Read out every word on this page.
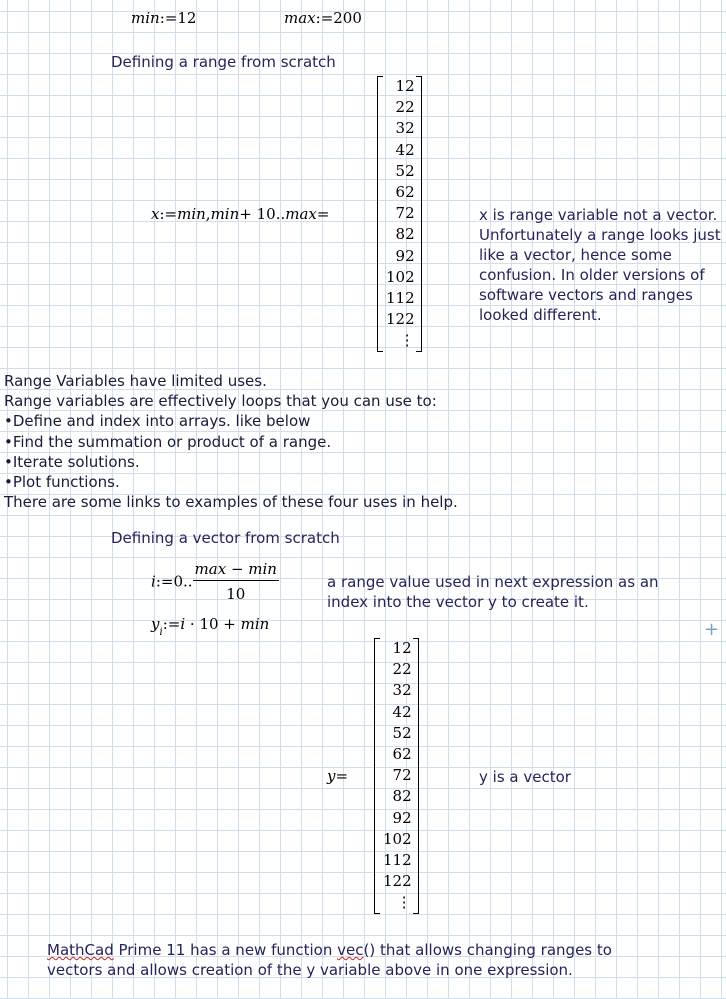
min:=12	max:=200
Defining a range from scratch
x:=min,min+ 10..max=
12
22
32
42
52
62
72
82
92
102
112
122
⋮
x is range variable not a vector.
Unfortunately a range looks just
like a vector, hence some
confusion. In older versions of
software vectors and ranges
looked different.
Range Variables have limited uses.
Range variables are effectively loops that you can use to:
•Define and index into arrays. like below
•Find the summation or product of a range.
•Iterate solutions.
•Plot functions.
There are some links to examples of these four uses in help.
Defining a vector from scratch
i:=0.. $\frac{\max - \min}{10}$	a range value used in next expression as an
index into the vector y to create it.
$y_i:=i \cdot 10 + \min$	+
y=
12
22
32
42
52
62
72
82
92
102
112
122
⋮
y is a vector
MathCad Prime 11 has a new function vec() that allows changing ranges to
vectors and allows creation of the y variable above in one expression.
